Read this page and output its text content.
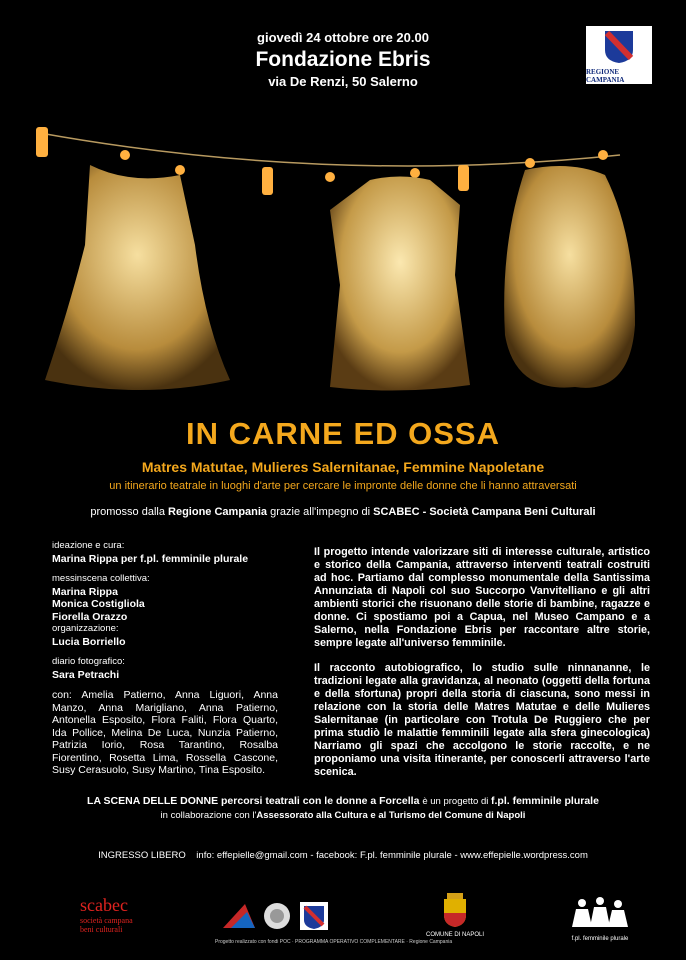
giovedì 24 ottobre ore 20.00
Fondazione Ebris
via De Renzi, 50 Salerno
REGIONE CAMPANIA
IN CARNE ED OSSA
Matres Matutae, Mulieres Salernitanae, Femmine Napoletane
un itinerario teatrale in luoghi d'arte per cercare le impronte delle donne che li hanno attraversati
promosso dalla Regione Campania grazie all'impegno di SCABEC - Società Campana Beni Culturali
ideazione e cura:
Marina Rippa per f.pl. femminile plurale
messinscena collettiva:
Marina Rippa
Monica Costigliola
Fiorella Orazzo
organizzazione:
Lucia Borriello
diario fotografico:
Sara Petrachi
con: Amelia Patierno, Anna Liguori, Anna Manzo, Anna Marigliano, Anna Patierno, Antonella Esposito, Flora Faliti, Flora Quarto, Ida Pollice, Melina De Luca, Nunzia Patierno, Patrizia Iorio, Rosa Tarantino, Rosalba Fiorentino, Rosetta Lima, Rossella Cascone, Susy Cerasuolo, Susy Martino, Tina Esposito.

Il progetto intende valorizzare siti di interesse culturale, artistico e storico della Campania, attraverso interventi teatrali costruiti ad hoc. Partiamo dal complesso monumentale della Santissima Annunziata di Napoli col suo Succorpo Vanvitelliano e gli altri ambienti storici che risuonano delle storie di bambine, ragazze e donne. Ci spostiamo poi a Capua, nel Museo Campano e a Salerno, nella Fondazione Ebris per raccontare altre storie, sempre legate all'universo femminile.

Il racconto autobiografico, lo studio sulle ninnananne, le tradizioni legate alla gravidanza, al neonato (oggetti della fortuna e della sfortuna) propri della storia di ciascuna, sono messi in relazione con la storia delle Matres Matutae e delle Mulieres Salernitanae (in particolare con Trotula De Ruggiero che per prima studiò le malattie femminili legate alla sfera ginecologica) Narriamo gli spazi che accolgono le storie raccolte, e ne proponiamo una visita itinerante, per conoscerli attraverso l'arte scenica.

LA SCENA DELLE DONNE percorsi teatrali con le donne a Forcella è un progetto di f.pl. femminile plurale
in collaborazione con l'Assessorato alla Cultura e al Turismo del Comune di Napoli
INGRESSO LIBERO    info: effepielle@gmail.com - facebook: F.pl. femminile plurale - www.effepielle.wordpress.com
scabec
società campana
beni culturali
Progetto realizzato con fondi POC · PROGRAMMA OPERATIVO COMPLEMENTARE · Regione Campania
COMUNE DI NAPOLI
f.pl. femminile plurale
